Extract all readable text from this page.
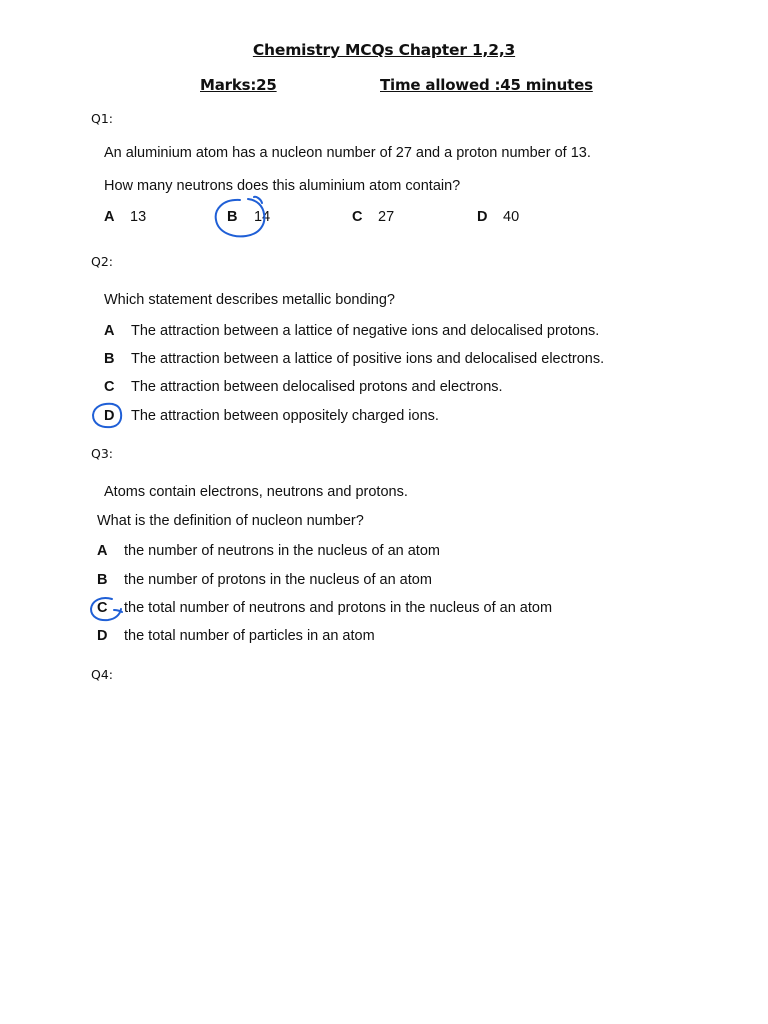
Chemistry MCQs Chapter 1,2,3
Marks:25	Time allowed :45 minutes
Q1:
An aluminium atom has a nucleon number of 27 and a proton number of 13.
How many neutrons does this aluminium atom contain?
A 13	B 14	C 27	D 40
Q2:
Which statement describes metallic bonding?
A The attraction between a lattice of negative ions and delocalised protons.
B The attraction between a lattice of positive ions and delocalised electrons.
C The attraction between delocalised protons and electrons.
D The attraction between oppositely charged ions.
Q3:
Atoms contain electrons, neutrons and protons.
What is the definition of nucleon number?
A the number of neutrons in the nucleus of an atom
B the number of protons in the nucleus of an atom
C the total number of neutrons and protons in the nucleus of an atom
D the total number of particles in an atom
Q4:
